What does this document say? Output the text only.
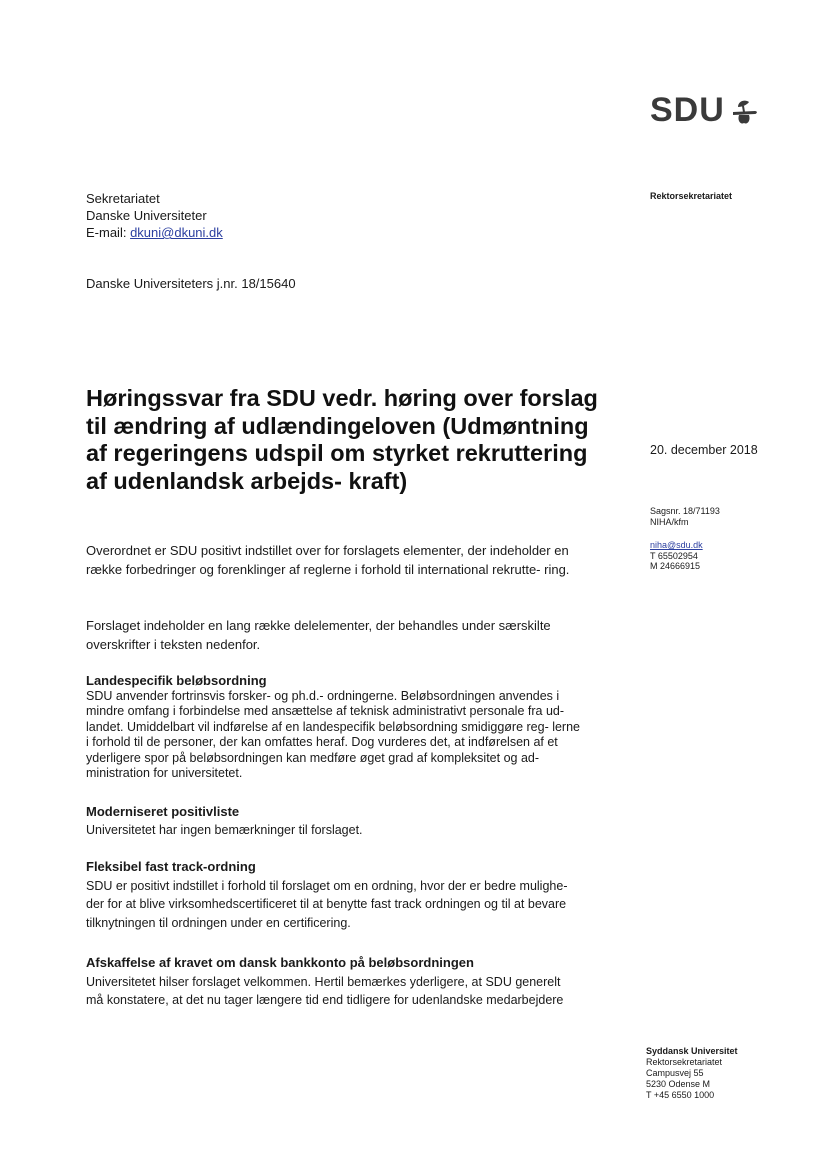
SDU
Sekretariatet
Danske Universiteter
E-mail: dkuni@dkuni.dk
Danske Universiteters j.nr. 18/15640
Rektorsekretariatet
20. december 2018
Sagsnr. 18/71193
NIHA/kfm
niha@sdu.dk
T 65502954
M 24666915
Høringssvar fra SDU vedr. høring over forslag til ændring af udlændingeloven (Udmøntning af regeringens udspil om styrket rekruttering af udenlandsk arbejds- kraft)

Overordnet er SDU positivt indstillet over for forslagets elementer, der indeholder en række forbedringer og forenklinger af reglerne i forhold til international rekrutte- ring.

Forslaget indeholder en lang række delelementer, der behandles under særskilte overskrifter i teksten nedenfor.

Landespecifik beløbsordning

SDU anvender fortrinsvis forsker- og ph.d.- ordningerne. Beløbsordningen anvendes i mindre omfang i forbindelse med ansættelse af teknisk administrativt personale fra ud- landet. Umiddelbart vil indførelse af en landespecifik beløbsordning smidiggøre reg- lerne i forhold til de personer, der kan omfattes heraf. Dog vurderes det, at indførelsen af et yderligere spor på beløbsordningen kan medføre øget grad af kompleksitet og ad- ministration for universitetet.

Moderniseret positivliste

Universitetet har ingen bemærkninger til forslaget.

Fleksibel fast track-ordning

SDU er positivt indstillet i forhold til forslaget om en ordning, hvor der er bedre mulighe- der for at blive virksomhedscertificeret til at benytte fast track ordningen og til at bevare tilknytningen til ordningen under en certificering.

Afskaffelse af kravet om dansk bankkonto på beløbsordningen

Universitetet hilser forslaget velkommen. Hertil bemærkes yderligere, at SDU generelt må konstatere, at det nu tager længere tid end tidligere for udenlandske medarbejdere

Syddansk Universitet
Rektorsekretariatet
Campusvej 55
5230 Odense M
T +45 6550 1000
